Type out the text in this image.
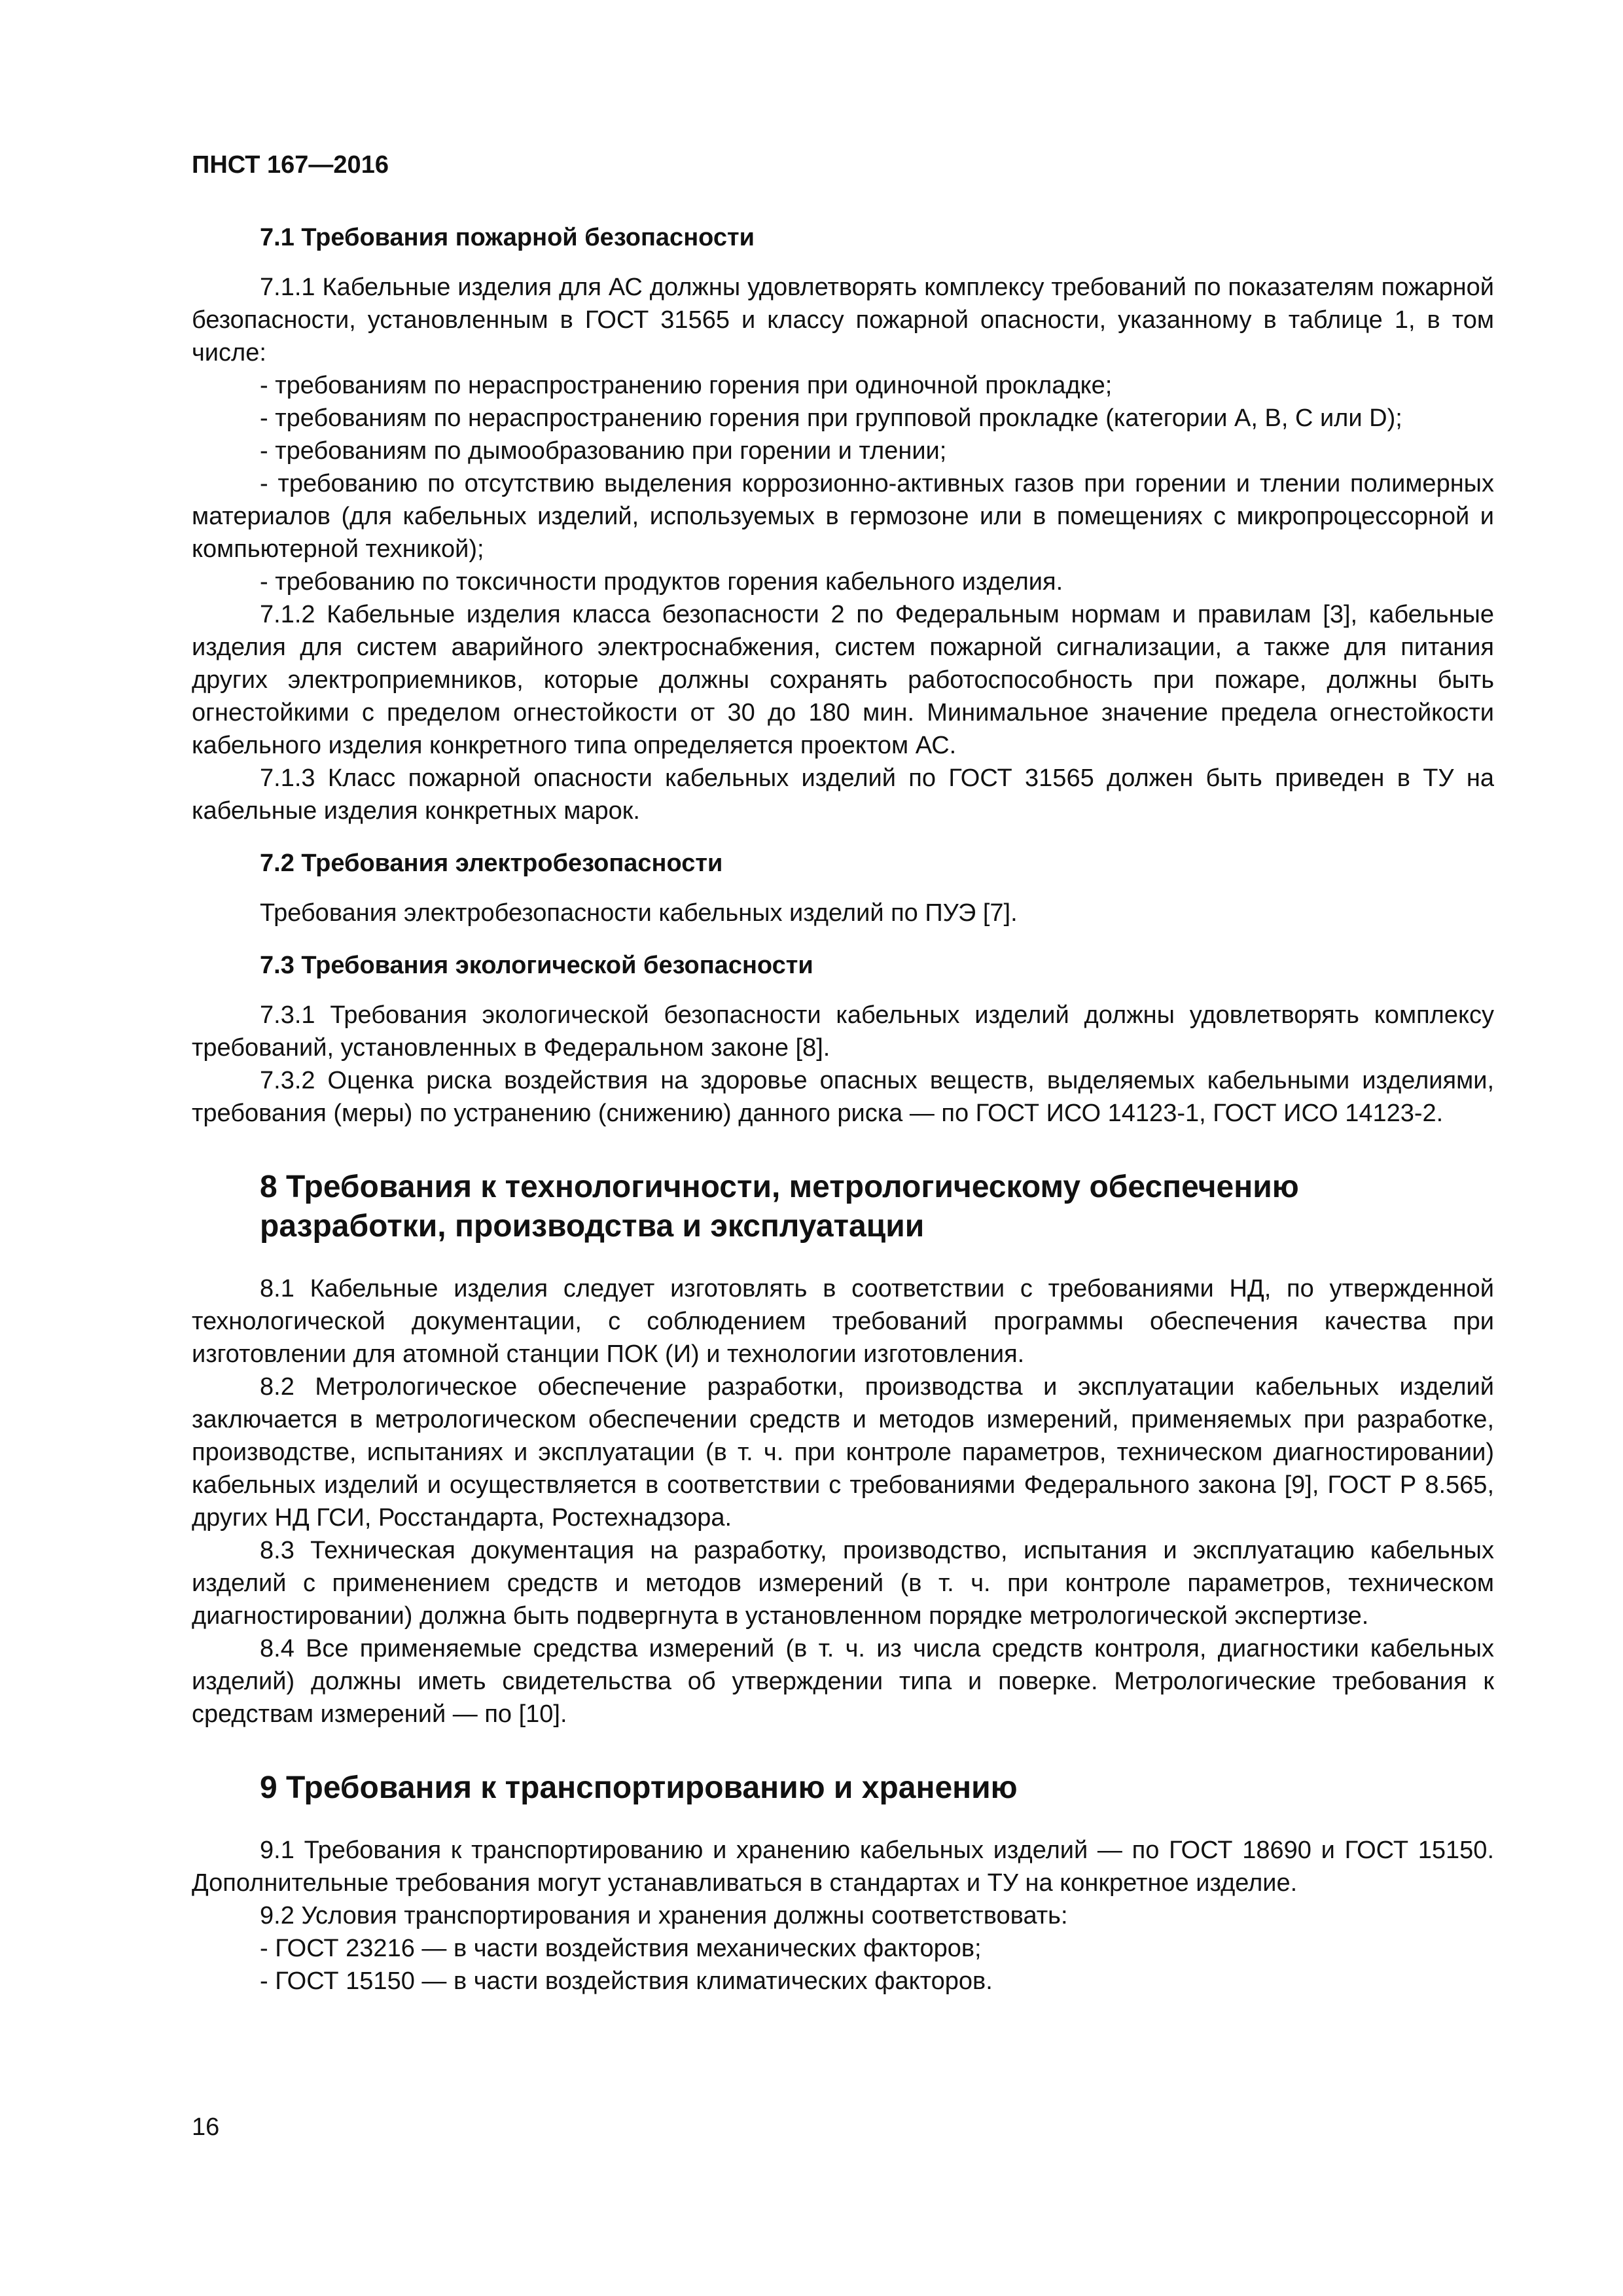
ПНСТ 167—2016
7.1 Требования пожарной безопасности

7.1.1 Кабельные изделия для АС должны удовлетворять комплексу требований по показателям пожарной безопасности, установленным в ГОСТ 31565 и классу пожарной опасности, указанному в таблице 1, в том числе:

- требованиям по нераспространению горения при одиночной прокладке;

- требованиям по нераспространению горения при групповой прокладке (категории А, В, С или D);

- требованиям по дымообразованию при горении и тлении;

- требованию по отсутствию выделения коррозионно-активных газов при горении и тлении полимерных материалов (для кабельных изделий, используемых в гермозоне или в помещениях с микропроцессорной и компьютерной техникой);

- требованию по токсичности продуктов горения кабельного изделия.

7.1.2 Кабельные изделия класса безопасности 2 по Федеральным нормам и правилам [3], кабельные изделия для систем аварийного электроснабжения, систем пожарной сигнализации, а также для питания других электроприемников, которые должны сохранять работоспособность при пожаре, должны быть огнестойкими с пределом огнестойкости от 30 до 180 мин. Минимальное значение предела огнестойкости кабельного изделия конкретного типа определяется проектом АС.

7.1.3 Класс пожарной опасности кабельных изделий по ГОСТ 31565 должен быть приведен в ТУ на кабельные изделия конкретных марок.

7.2 Требования электробезопасности

Требования электробезопасности кабельных изделий по ПУЭ [7].

7.3 Требования экологической безопасности

7.3.1 Требования экологической безопасности кабельных изделий должны удовлетворять комплексу требований, установленных в Федеральном законе [8].

7.3.2 Оценка риска воздействия на здоровье опасных веществ, выделяемых кабельными изделиями, требования (меры) по устранению (снижению) данного риска — по ГОСТ ИСО 14123-1, ГОСТ ИСО 14123-2.

8 Требования к технологичности, метрологическому обеспечению разработки, производства и эксплуатации

8.1 Кабельные изделия следует изготовлять в соответствии с требованиями НД, по утвержденной технологической документации, с соблюдением требований программы обеспечения качества при изготовлении для атомной станции ПОК (И) и технологии изготовления.

8.2 Метрологическое обеспечение разработки, производства и эксплуатации кабельных изделий заключается в метрологическом обеспечении средств и методов измерений, применяемых при разработке, производстве, испытаниях и эксплуатации (в т. ч. при контроле параметров, техническом диагностировании) кабельных изделий и осуществляется в соответствии с требованиями Федерального закона [9], ГОСТ Р 8.565, других НД ГСИ, Росстандарта, Ростехнадзора.

8.3 Техническая документация на разработку, производство, испытания и эксплуатацию кабельных изделий с применением средств и методов измерений (в т. ч. при контроле параметров, техническом диагностировании) должна быть подвергнута в установленном порядке метрологической экспертизе.

8.4 Все применяемые средства измерений (в т. ч. из числа средств контроля, диагностики кабельных изделий) должны иметь свидетельства об утверждении типа и поверке. Метрологические требования к средствам измерений — по [10].

9 Требования к транспортированию и хранению

9.1 Требования к транспортированию и хранению кабельных изделий — по ГОСТ 18690 и ГОСТ 15150. Дополнительные требования могут устанавливаться в стандартах и ТУ на конкретное изделие.

9.2 Условия транспортирования и хранения должны соответствовать:

- ГОСТ 23216 — в части воздействия механических факторов;

- ГОСТ 15150 — в части воздействия климатических факторов.

16
